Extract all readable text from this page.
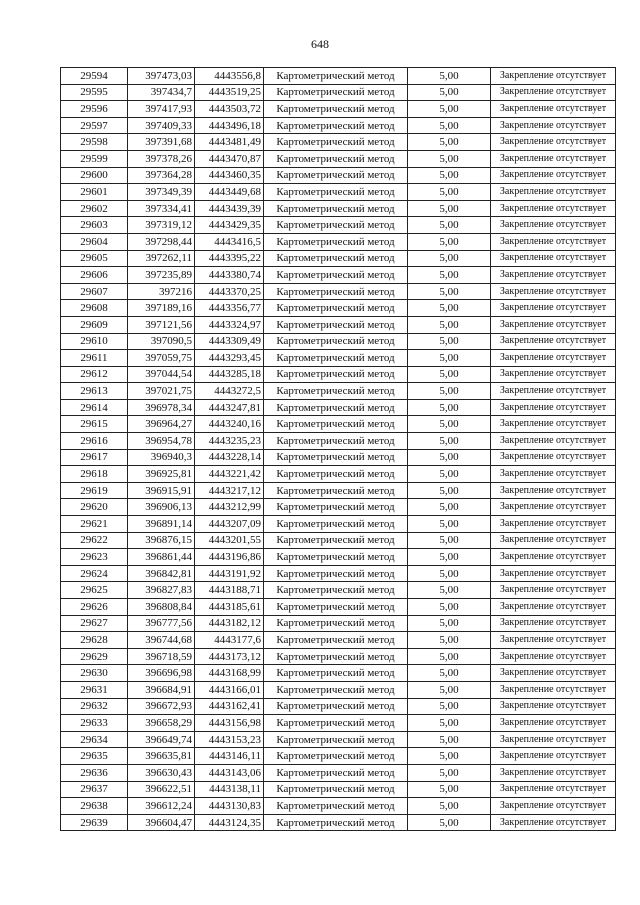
648
29594	397473,03	4443556,8	Картометрический метод	5,00	Закрепление отсутствует
29595	397434,7	4443519,25	Картометрический метод	5,00	Закрепление отсутствует
29596	397417,93	4443503,72	Картометрический метод	5,00	Закрепление отсутствует
29597	397409,33	4443496,18	Картометрический метод	5,00	Закрепление отсутствует
29598	397391,68	4443481,49	Картометрический метод	5,00	Закрепление отсутствует
29599	397378,26	4443470,87	Картометрический метод	5,00	Закрепление отсутствует
29600	397364,28	4443460,35	Картометрический метод	5,00	Закрепление отсутствует
29601	397349,39	4443449,68	Картометрический метод	5,00	Закрепление отсутствует
29602	397334,41	4443439,39	Картометрический метод	5,00	Закрепление отсутствует
29603	397319,12	4443429,35	Картометрический метод	5,00	Закрепление отсутствует
29604	397298,44	4443416,5	Картометрический метод	5,00	Закрепление отсутствует
29605	397262,11	4443395,22	Картометрический метод	5,00	Закрепление отсутствует
29606	397235,89	4443380,74	Картометрический метод	5,00	Закрепление отсутствует
29607	397216	4443370,25	Картометрический метод	5,00	Закрепление отсутствует
29608	397189,16	4443356,77	Картометрический метод	5,00	Закрепление отсутствует
29609	397121,56	4443324,97	Картометрический метод	5,00	Закрепление отсутствует
29610	397090,5	4443309,49	Картометрический метод	5,00	Закрепление отсутствует
29611	397059,75	4443293,45	Картометрический метод	5,00	Закрепление отсутствует
29612	397044,54	4443285,18	Картометрический метод	5,00	Закрепление отсутствует
29613	397021,75	4443272,5	Картометрический метод	5,00	Закрепление отсутствует
29614	396978,34	4443247,81	Картометрический метод	5,00	Закрепление отсутствует
29615	396964,27	4443240,16	Картометрический метод	5,00	Закрепление отсутствует
29616	396954,78	4443235,23	Картометрический метод	5,00	Закрепление отсутствует
29617	396940,3	4443228,14	Картометрический метод	5,00	Закрепление отсутствует
29618	396925,81	4443221,42	Картометрический метод	5,00	Закрепление отсутствует
29619	396915,91	4443217,12	Картометрический метод	5,00	Закрепление отсутствует
29620	396906,13	4443212,99	Картометрический метод	5,00	Закрепление отсутствует
29621	396891,14	4443207,09	Картометрический метод	5,00	Закрепление отсутствует
29622	396876,15	4443201,55	Картометрический метод	5,00	Закрепление отсутствует
29623	396861,44	4443196,86	Картометрический метод	5,00	Закрепление отсутствует
29624	396842,81	4443191,92	Картометрический метод	5,00	Закрепление отсутствует
29625	396827,83	4443188,71	Картометрический метод	5,00	Закрепление отсутствует
29626	396808,84	4443185,61	Картометрический метод	5,00	Закрепление отсутствует
29627	396777,56	4443182,12	Картометрический метод	5,00	Закрепление отсутствует
29628	396744,68	4443177,6	Картометрический метод	5,00	Закрепление отсутствует
29629	396718,59	4443173,12	Картометрический метод	5,00	Закрепление отсутствует
29630	396696,98	4443168,99	Картометрический метод	5,00	Закрепление отсутствует
29631	396684,91	4443166,01	Картометрический метод	5,00	Закрепление отсутствует
29632	396672,93	4443162,41	Картометрический метод	5,00	Закрепление отсутствует
29633	396658,29	4443156,98	Картометрический метод	5,00	Закрепление отсутствует
29634	396649,74	4443153,23	Картометрический метод	5,00	Закрепление отсутствует
29635	396635,81	4443146,11	Картометрический метод	5,00	Закрепление отсутствует
29636	396630,43	4443143,06	Картометрический метод	5,00	Закрепление отсутствует
29637	396622,51	4443138,11	Картометрический метод	5,00	Закрепление отсутствует
29638	396612,24	4443130,83	Картометрический метод	5,00	Закрепление отсутствует
29639	396604,47	4443124,35	Картометрический метод	5,00	Закрепление отсутствует
